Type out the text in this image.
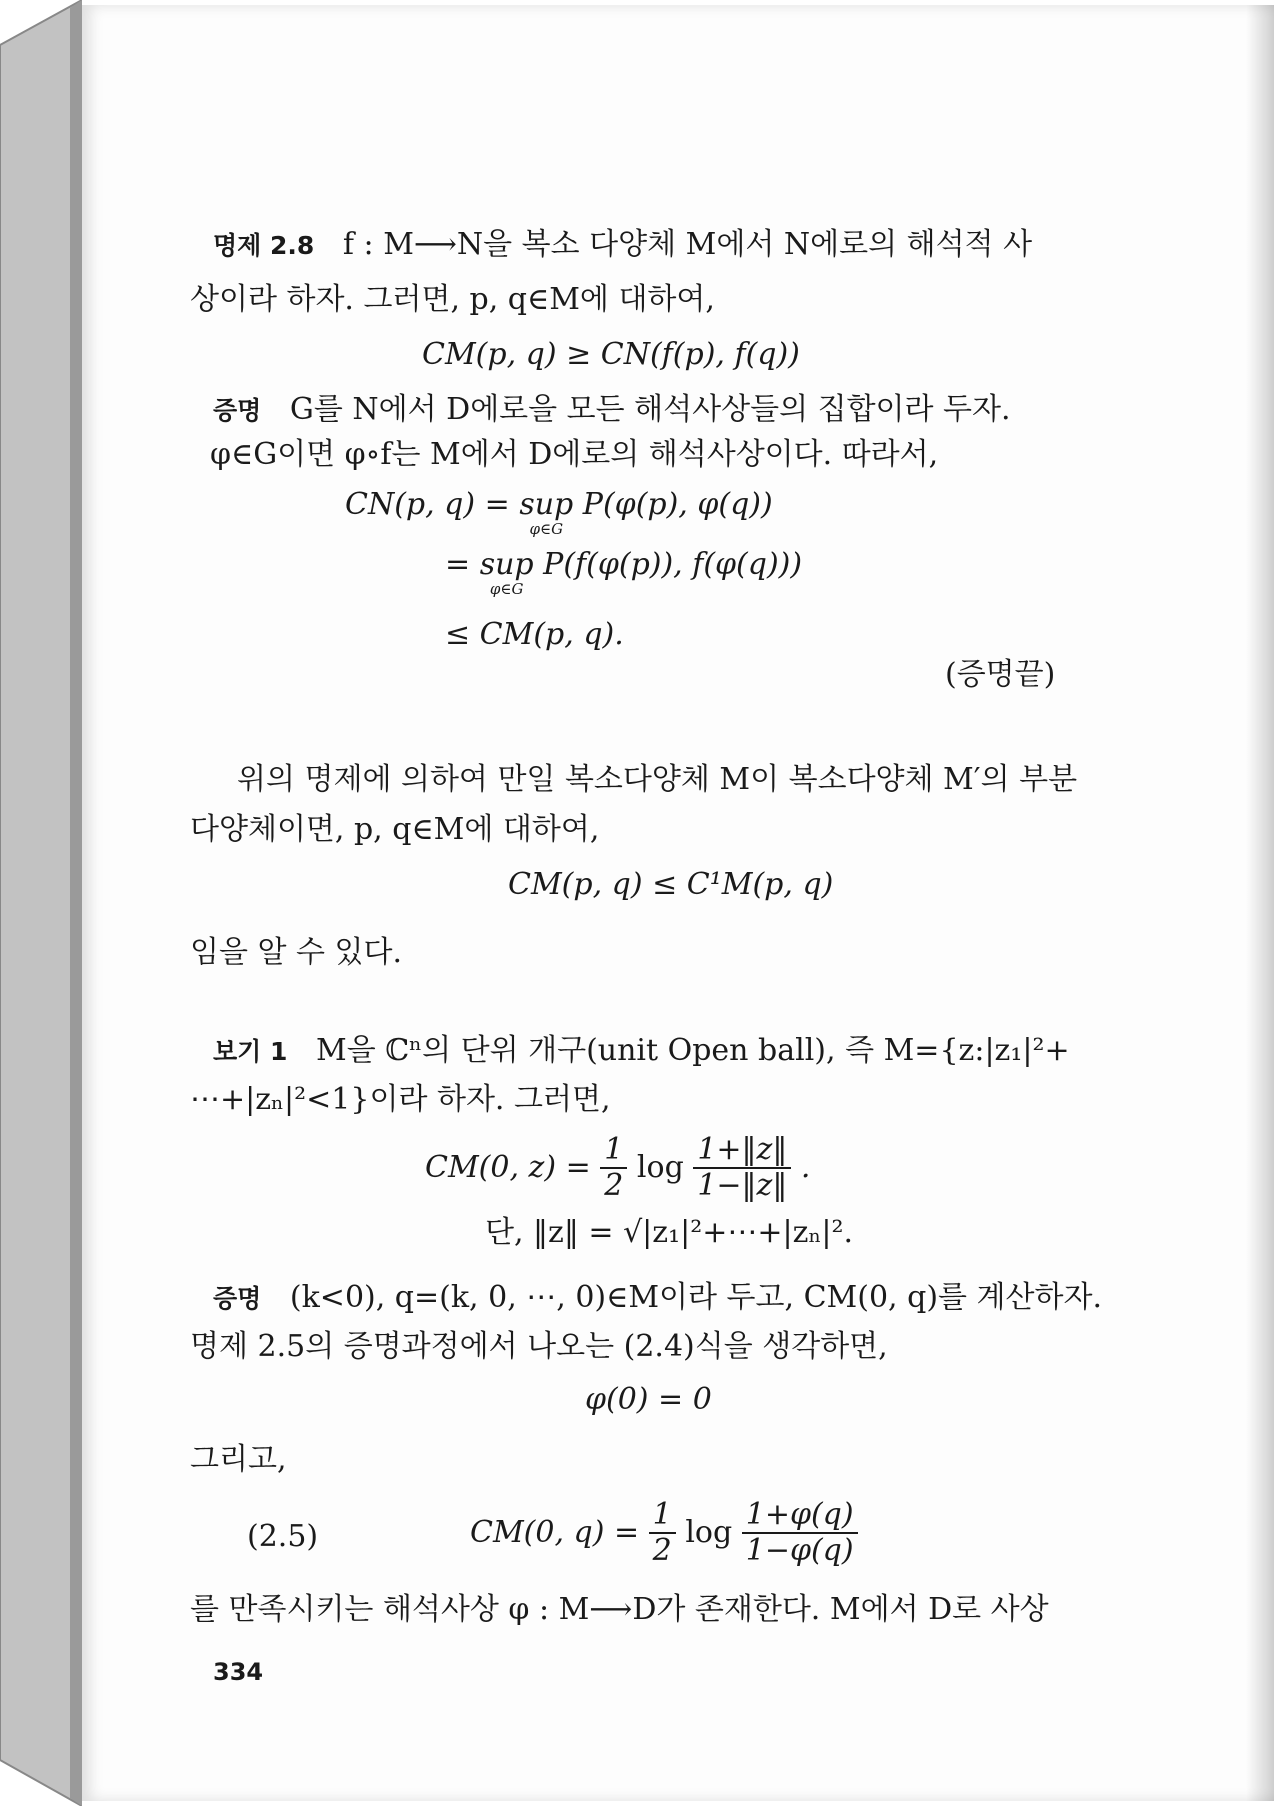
명제 2.8 f : M⟶N을 복소 다양체 M에서 N에로의 해석적 사
상이라 하자. 그러면, p, q∈M에 대하여,
CM(p, q) ≥ CN(f(p), f(q))
증명 G를 N에서 D에로을 모든 해석사상들의 집합이라 두자.
φ∈G이면 φ∘f는 M에서 D에로의 해석사상이다. 따라서,
CN(p, q) = sup
φ∈G
P(φ(p), φ(q))
= sup
φ∈G
P(f(φ(p)), f(φ(q)))
≤ CM(p, q).
(증명끝)
위의 명제에 의하여 만일 복소다양체 M이 복소다양체 M′의 부분
다양체이면, p, q∈M에 대하여,
CM(p, q) ≤ C¹M(p, q)
임을 알 수 있다.
보기 1 M을 ℂⁿ의 단위 개구(unit Open ball), 즉 M={z:|z₁|²+
⋯+|zₙ|²<1}이라 하자. 그러면,
CM(0, $z) = \frac{1}{2}$ $\log \frac{1+‖z‖}{1-‖z‖}$ .
단, ‖z‖ = √|z₁|²+⋯+|zₙ|².
증명 (k<0), q=(k, 0, ⋯, 0)∈M이라 두고, CM(0, q)를 계산하자.
명제 2.5의 증명과정에서 나오는 (2.4)식을 생각하면,
φ(0) = 0
그리고,
(2.5)	CM(0, $q) = \frac{1}{2}$ $\log \frac{1+\varphi(q)}{1-\varphi(q)}$
를 만족시키는 해석사상 φ : M⟶D가 존재한다. M에서 D로 사상
334
